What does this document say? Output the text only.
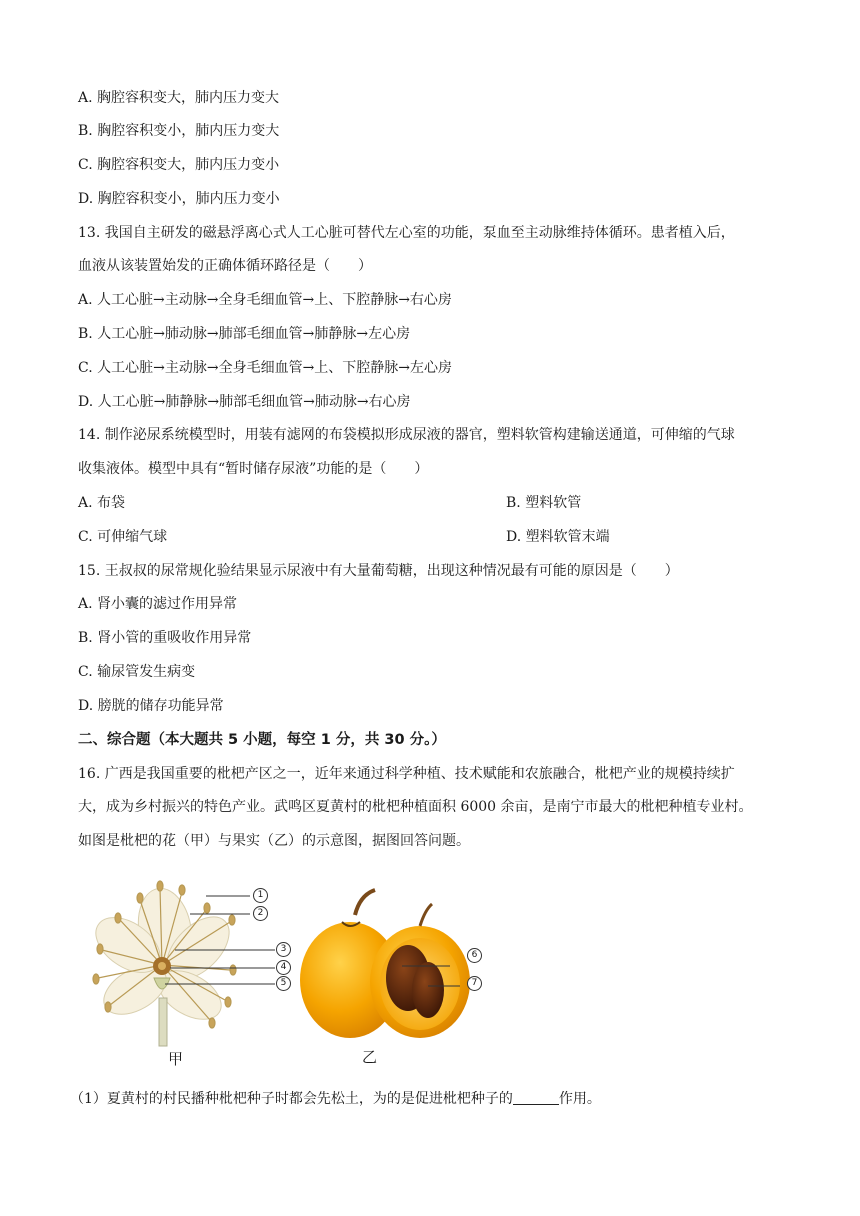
A. 胸腔容积变大，肺内压力变大
B. 胸腔容积变小，肺内压力变大
C. 胸腔容积变大，肺内压力变小
D. 胸腔容积变小，肺内压力变小
13. 我国自主研发的磁悬浮离心式人工心脏可替代左心室的功能，泵血至主动脉维持体循环。患者植入后，
血液从该装置始发的正确体循环路径是（　　）
A. 人工心脏→主动脉→全身毛细血管→上、下腔静脉→右心房
B. 人工心脏→肺动脉→肺部毛细血管→肺静脉→左心房
C. 人工心脏→主动脉→全身毛细血管→上、下腔静脉→左心房
D. 人工心脏→肺静脉→肺部毛细血管→肺动脉→右心房
14. 制作泌尿系统模型时，用装有滤网的布袋模拟形成尿液的器官，塑料软管构建输送通道，可伸缩的气球
收集液体。模型中具有“暂时储存尿液”功能的是（　　）
A. 布袋	B. 塑料软管
C. 可伸缩气球	D. 塑料软管末端
15. 王叔叔的尿常规化验结果显示尿液中有大量葡萄糖，出现这种情况最有可能的原因是（　　）
A. 肾小囊的滤过作用异常
B. 肾小管的重吸收作用异常
C. 输尿管发生病变
D. 膀胱的储存功能异常
二、综合题（本大题共 5 小题，每空 1 分，共 30 分。）
16. 广西是我国重要的枇杷产区之一，近年来通过科学种植、技术赋能和农旅融合，枇杷产业的规模持续扩
大，成为乡村振兴的特色产业。武鸣区夏黄村的枇杷种植面积 6000 余亩，是南宁市最大的枇杷种植专业村。
如图是枇杷的花（甲）与果实（乙）的示意图，据图回答问题。
1
2
3
4
5
6
7
甲	乙
（1）夏黄村的村民播种枇杷种子时都会先松土，为的是促进枇杷种子的	作用。
